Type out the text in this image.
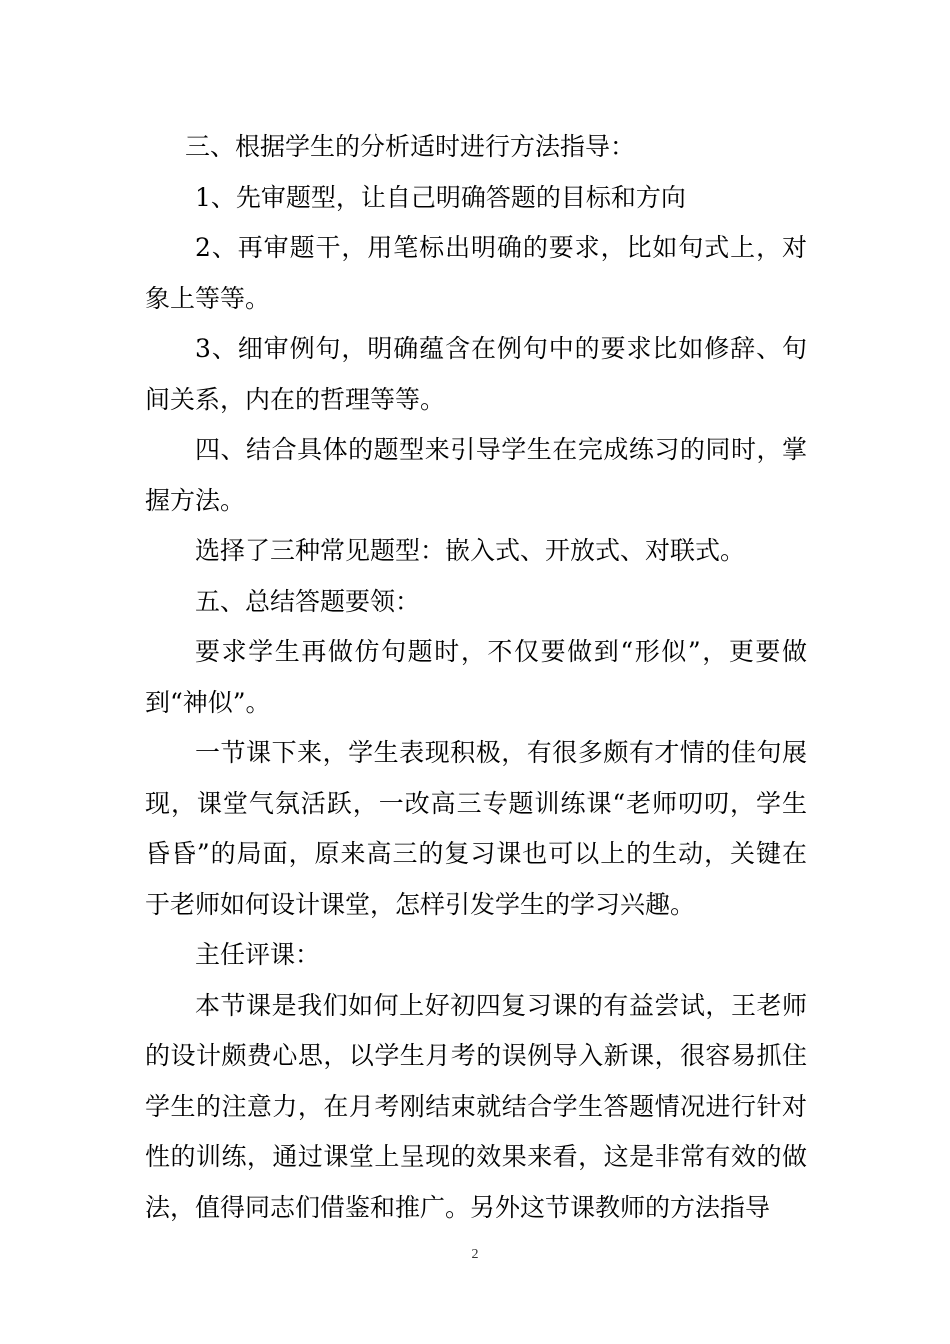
三、根据学生的分析适时进行方法指导：

1、先审题型，让自己明确答题的目标和方向

2、再审题干，用笔标出明确的要求，比如句式上，对象上等等。

3、细审例句，明确蕴含在例句中的要求比如修辞、句间关系，内在的哲理等等。

四、结合具体的题型来引导学生在完成练习的同时，掌握方法。

选择了三种常见题型：嵌入式、开放式、对联式。

五、总结答题要领：

要求学生再做仿句题时，不仅要做到“形似”，更要做到“神似”。

一节课下来，学生表现积极，有很多颇有才情的佳句展现，课堂气氛活跃，一改高三专题训练课“老师叨叨，学生昏昏”的局面，原来高三的复习课也可以上的生动，关键在于老师如何设计课堂，怎样引发学生的学习兴趣。

主任评课：

本节课是我们如何上好初四复习课的有益尝试，王老师的设计颇费心思，以学生月考的误例导入新课，很容易抓住学生的注意力，在月考刚结束就结合学生答题情况进行针对性的训练，通过课堂上呈现的效果来看，这是非常有效的做法，值得同志们借鉴和推广。另外这节课教师的方法指导

2
